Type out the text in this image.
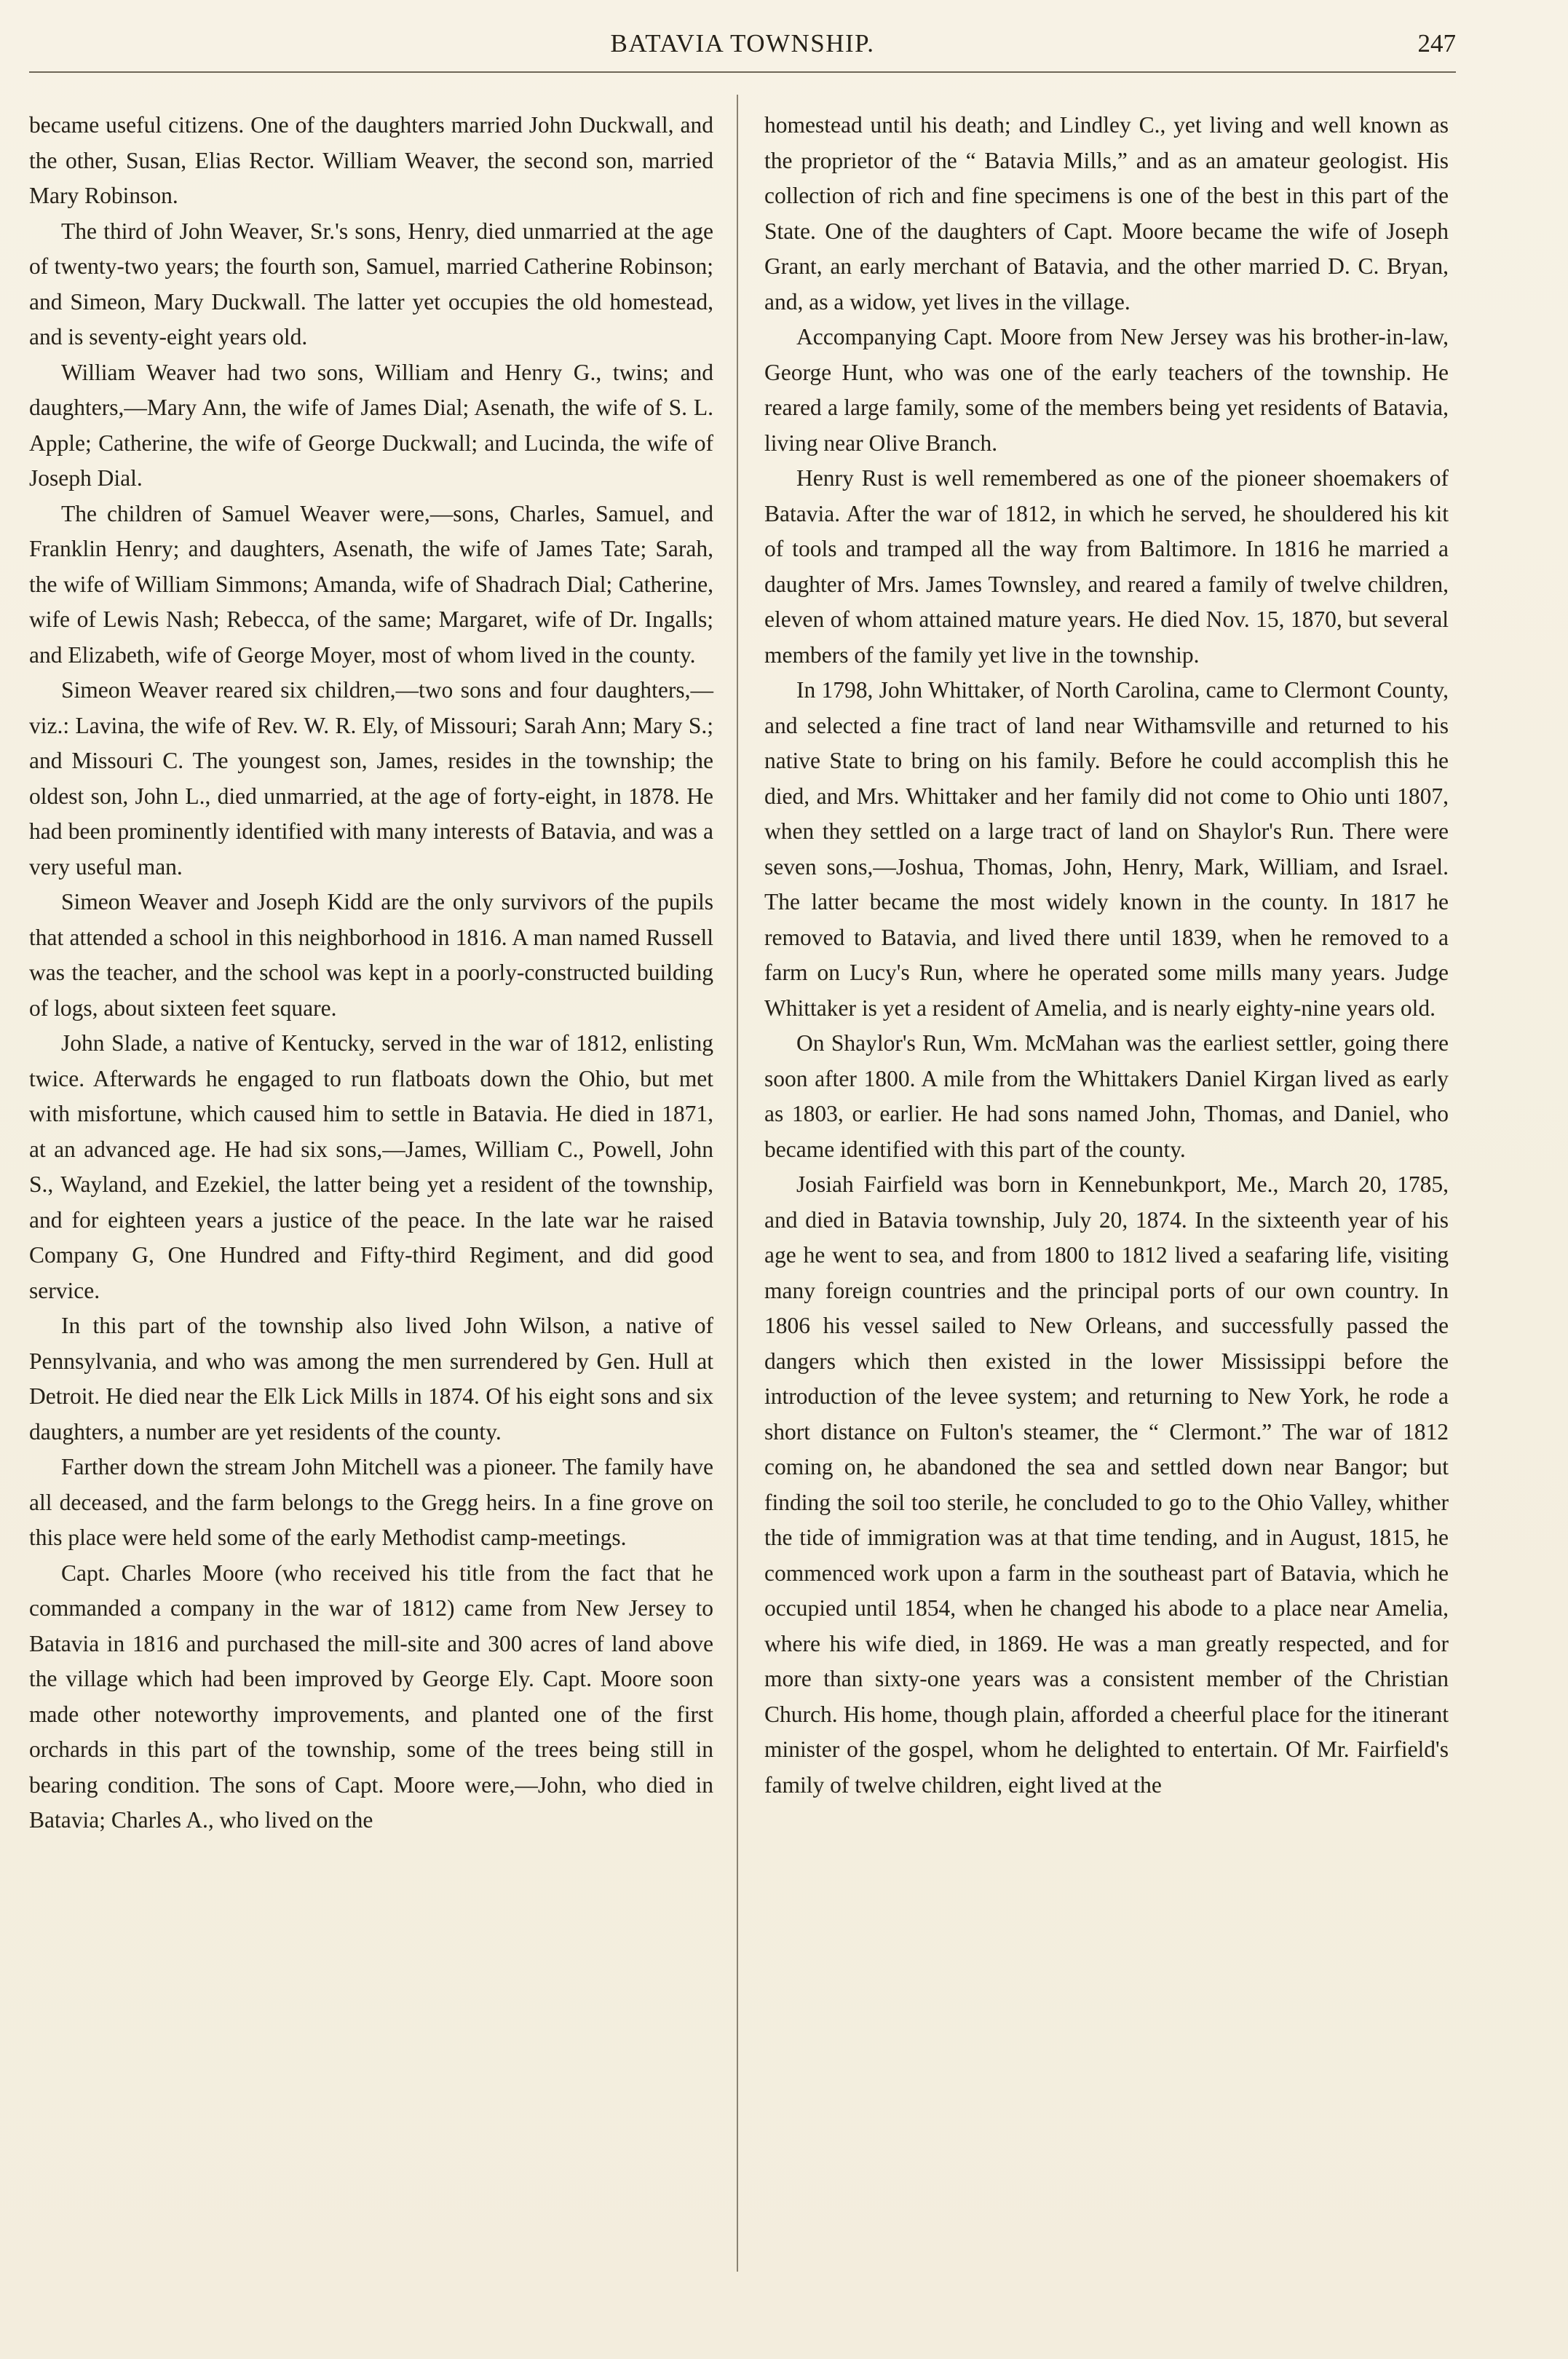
BATAVIA TOWNSHIP.	247

became useful citizens. One of the daughters married John Duckwall, and the other, Susan, Elias Rector. William Weaver, the second son, married Mary Robinson.

The third of John Weaver, Sr.'s sons, Henry, died unmarried at the age of twenty-two years; the fourth son, Samuel, married Catherine Robinson; and Simeon, Mary Duckwall. The latter yet occupies the old homestead, and is seventy-eight years old.

William Weaver had two sons, William and Henry G., twins; and daughters,—Mary Ann, the wife of James Dial; Asenath, the wife of S. L. Apple; Catherine, the wife of George Duckwall; and Lucinda, the wife of Joseph Dial.

The children of Samuel Weaver were,—sons, Charles, Samuel, and Franklin Henry; and daughters, Asenath, the wife of James Tate; Sarah, the wife of William Simmons; Amanda, wife of Shadrach Dial; Catherine, wife of Lewis Nash; Rebecca, of the same; Margaret, wife of Dr. Ingalls; and Elizabeth, wife of George Moyer, most of whom lived in the county.

Simeon Weaver reared six children,—two sons and four daughters,—viz.: Lavina, the wife of Rev. W. R. Ely, of Missouri; Sarah Ann; Mary S.; and Missouri C. The youngest son, James, resides in the township; the oldest son, John L., died unmarried, at the age of forty-eight, in 1878. He had been prominently identified with many interests of Batavia, and was a very useful man.

Simeon Weaver and Joseph Kidd are the only survivors of the pupils that attended a school in this neighborhood in 1816. A man named Russell was the teacher, and the school was kept in a poorly-constructed building of logs, about sixteen feet square.

John Slade, a native of Kentucky, served in the war of 1812, enlisting twice. Afterwards he engaged to run flatboats down the Ohio, but met with misfortune, which caused him to settle in Batavia. He died in 1871, at an advanced age. He had six sons,—James, William C., Powell, John S., Wayland, and Ezekiel, the latter being yet a resident of the township, and for eighteen years a justice of the peace. In the late war he raised Company G, One Hundred and Fifty-third Regiment, and did good service.

In this part of the township also lived John Wilson, a native of Pennsylvania, and who was among the men surrendered by Gen. Hull at Detroit. He died near the Elk Lick Mills in 1874. Of his eight sons and six daughters, a number are yet residents of the county.

Farther down the stream John Mitchell was a pioneer. The family have all deceased, and the farm belongs to the Gregg heirs. In a fine grove on this place were held some of the early Methodist camp-meetings.

Capt. Charles Moore (who received his title from the fact that he commanded a company in the war of 1812) came from New Jersey to Batavia in 1816 and purchased the mill-site and 300 acres of land above the village which had been improved by George Ely. Capt. Moore soon made other noteworthy improvements, and planted one of the first orchards in this part of the township, some of the trees being still in bearing condition. The sons of Capt. Moore were,—John, who died in Batavia; Charles A., who lived on the

homestead until his death; and Lindley C., yet living and well known as the proprietor of the “ Batavia Mills,” and as an amateur geologist. His collection of rich and fine specimens is one of the best in this part of the State. One of the daughters of Capt. Moore became the wife of Joseph Grant, an early merchant of Batavia, and the other married D. C. Bryan, and, as a widow, yet lives in the village.

Accompanying Capt. Moore from New Jersey was his brother-in-law, George Hunt, who was one of the early teachers of the township. He reared a large family, some of the members being yet residents of Batavia, living near Olive Branch.

Henry Rust is well remembered as one of the pioneer shoemakers of Batavia. After the war of 1812, in which he served, he shouldered his kit of tools and tramped all the way from Baltimore. In 1816 he married a daughter of Mrs. James Townsley, and reared a family of twelve children, eleven of whom attained mature years. He died Nov. 15, 1870, but several members of the family yet live in the township.

In 1798, John Whittaker, of North Carolina, came to Clermont County, and selected a fine tract of land near Withamsville and returned to his native State to bring on his family. Before he could accomplish this he died, and Mrs. Whittaker and her family did not come to Ohio unti 1807, when they settled on a large tract of land on Shaylor's Run. There were seven sons,—Joshua, Thomas, John, Henry, Mark, William, and Israel. The latter became the most widely known in the county. In 1817 he removed to Batavia, and lived there until 1839, when he removed to a farm on Lucy's Run, where he operated some mills many years. Judge Whittaker is yet a resident of Amelia, and is nearly eighty-nine years old.

On Shaylor's Run, Wm. McMahan was the earliest settler, going there soon after 1800. A mile from the Whittakers Daniel Kirgan lived as early as 1803, or earlier. He had sons named John, Thomas, and Daniel, who became identified with this part of the county.

Josiah Fairfield was born in Kennebunkport, Me., March 20, 1785, and died in Batavia township, July 20, 1874. In the sixteenth year of his age he went to sea, and from 1800 to 1812 lived a seafaring life, visiting many foreign countries and the principal ports of our own country. In 1806 his vessel sailed to New Orleans, and successfully passed the dangers which then existed in the lower Mississippi before the introduction of the levee system; and returning to New York, he rode a short distance on Fulton's steamer, the “ Clermont.” The war of 1812 coming on, he abandoned the sea and settled down near Bangor; but finding the soil too sterile, he concluded to go to the Ohio Valley, whither the tide of immigration was at that time tending, and in August, 1815, he commenced work upon a farm in the southeast part of Batavia, which he occupied until 1854, when he changed his abode to a place near Amelia, where his wife died, in 1869. He was a man greatly respected, and for more than sixty-one years was a consistent member of the Christian Church. His home, though plain, afforded a cheerful place for the itinerant minister of the gospel, whom he delighted to entertain. Of Mr. Fairfield's family of twelve children, eight lived at the
